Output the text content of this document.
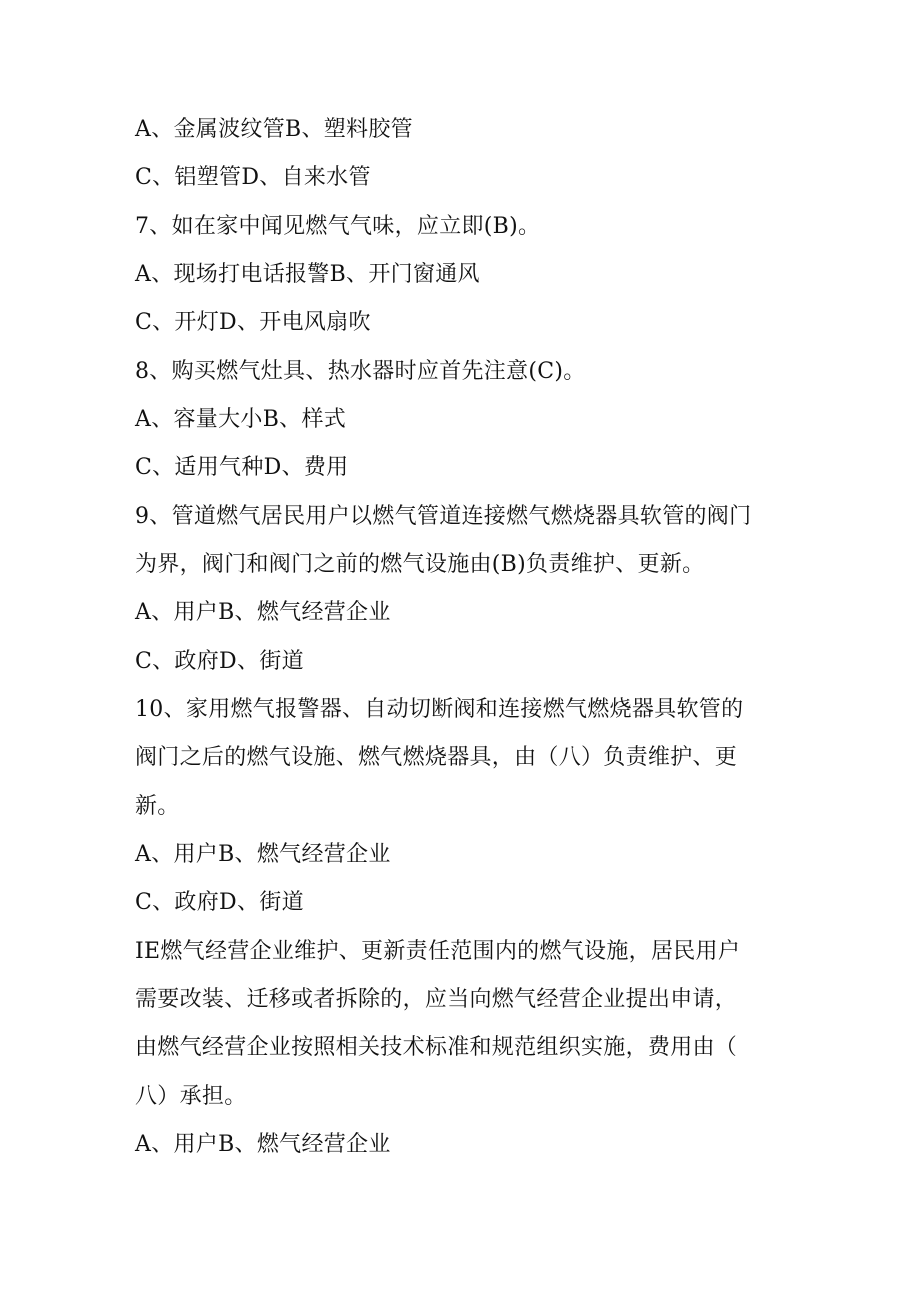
A、金属波纹管B、塑料胶管
C、铝塑管D、自来水管
7、如在家中闻见燃气气味，应立即(B)。
A、现场打电话报警B、开门窗通风
C、开灯D、开电风扇吹
8、购买燃气灶具、热水器时应首先注意(C)。
A、容量大小B、样式
C、适用气种D、费用
9、管道燃气居民用户以燃气管道连接燃气燃烧器具软管的阀门
为界，阀门和阀门之前的燃气设施由(B)负责维护、更新。
A、用户B、燃气经营企业
C、政府D、街道
10、家用燃气报警器、自动切断阀和连接燃气燃烧器具软管的
阀门之后的燃气设施、燃气燃烧器具，由（八）负责维护、更
新。
A、用户B、燃气经营企业
C、政府D、街道
IE燃气经营企业维护、更新责任范围内的燃气设施，居民用户
需要改装、迁移或者拆除的，应当向燃气经营企业提出申请，
由燃气经营企业按照相关技术标准和规范组织实施，费用由（
八）承担。
A、用户B、燃气经营企业
